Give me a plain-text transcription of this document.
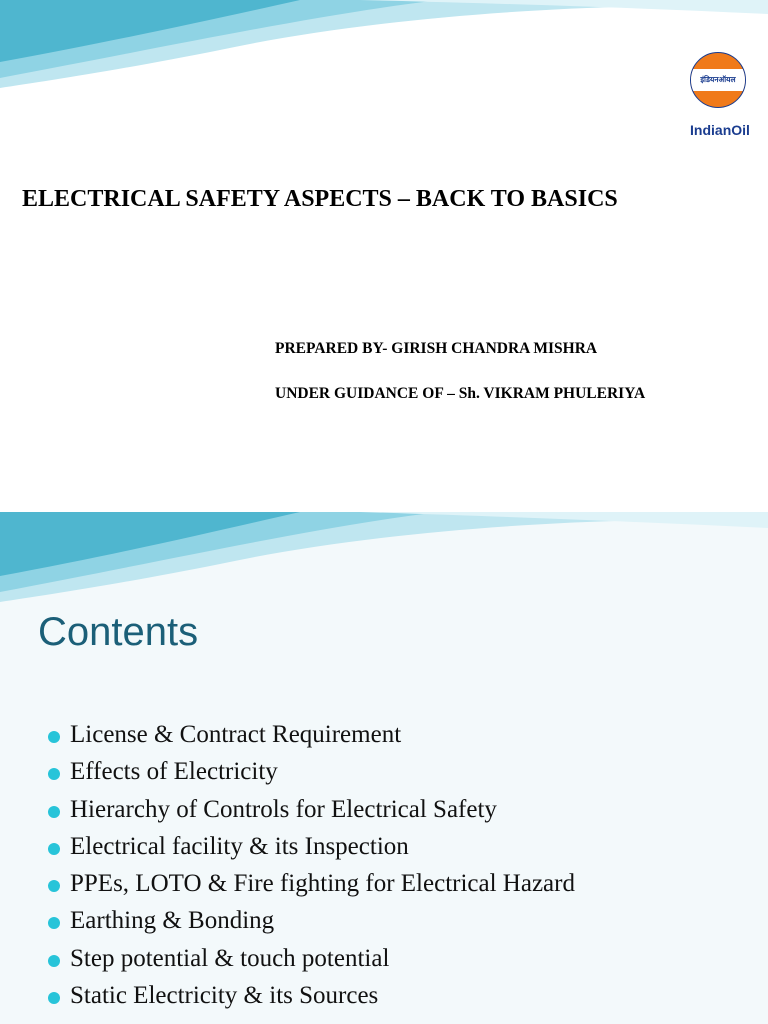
इंडियनऑयल
IndianOil
ELECTRICAL SAFETY ASPECTS – BACK TO BASICS
PREPARED BY- GIRISH CHANDRA MISHRA
UNDER GUIDANCE OF – Sh. VIKRAM PHULERIYA
Contents
License & Contract Requirement
Effects of Electricity
Hierarchy of Controls for Electrical Safety
Electrical facility & its Inspection
PPEs, LOTO & Fire fighting for Electrical Hazard
Earthing & Bonding
Step potential & touch potential
Static Electricity & its Sources
